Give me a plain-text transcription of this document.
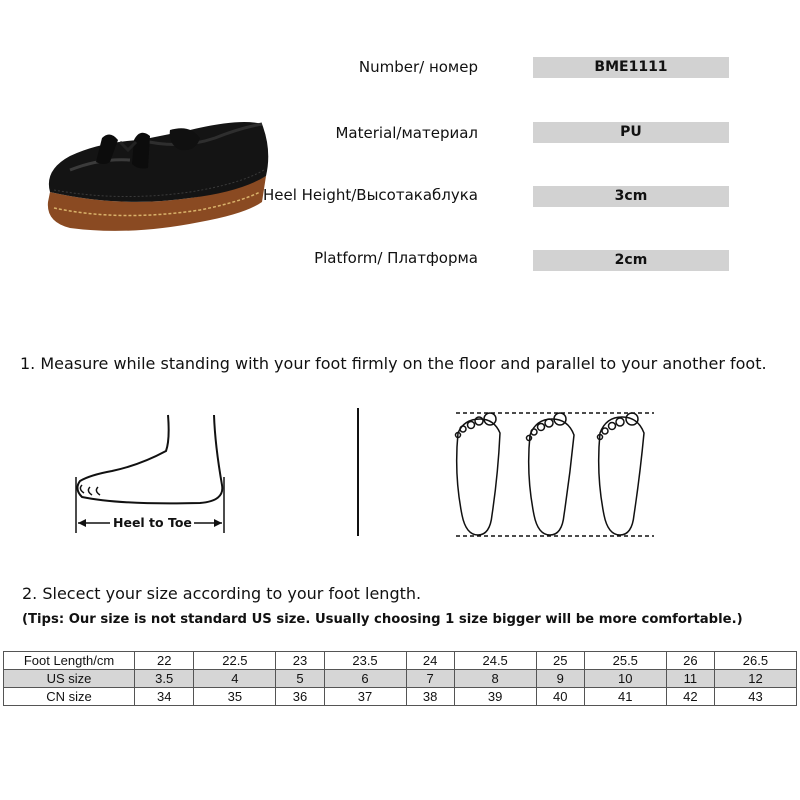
Number/ номер	BME1111
Material/материал	PU
Heel Height/Высотакаблука	3cm
Platform/ Платформа	2cm
1. Measure while standing with your foot firmly on the floor and parallel to your another foot.
Heel to Toe
2. Slecect your size according to your foot length.
(Tips: Our size is not standard US size. Usually choosing 1 size bigger will be more comfortable.)
Foot Length/cm	22	22.5	23	23.5	24	24.5	25	25.5	26	26.5
US size	3.5	4	5	6	7	8	9	10	11	12
CN size	34	35	36	37	38	39	40	41	42	43
